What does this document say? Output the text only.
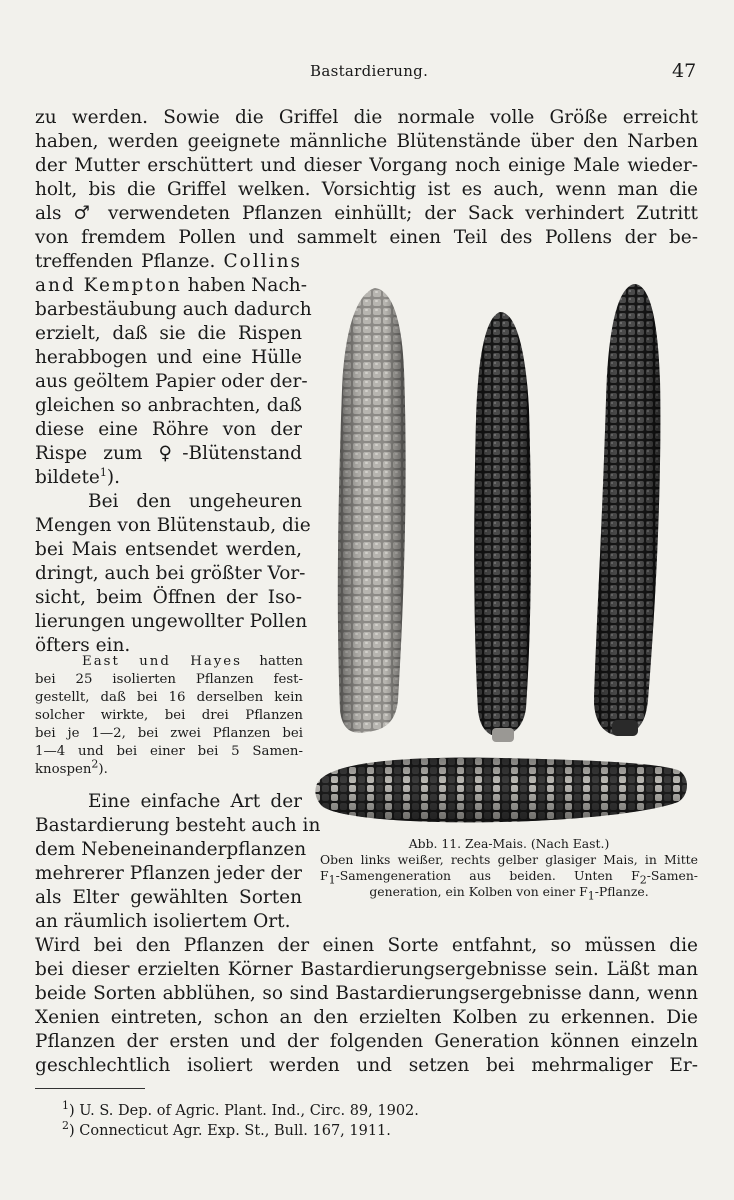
Bastardierung.	47
zu werden. Sowie die Griffel die normale volle Größe erreicht
haben, werden geeignete männliche Blütenstände über den Narben
der Mutter erschüttert und dieser Vorgang noch einige Male wieder-
holt, bis die Griffel welken. Vorsichtig ist es auch, wenn man die
als ♂ verwendeten Pflanzen einhüllt; der Sack verhindert Zutritt
von fremdem Pollen und sammelt einen Teil des Pollens der be-
treffenden Pflanze. Collins
and Kempton haben Nach-
barbestäubung auch dadurch
erzielt, daß sie die Rispen
herabbogen und eine Hülle
aus geöltem Papier oder der-
gleichen so anbrachten, daß
diese eine Röhre von der
Rispe zum ♀-Blütenstand
bildete$^1$).
Bei den ungeheuren
Mengen von Blütenstaub, die
bei Mais entsendet werden,
dringt, auch bei größter Vor-
sicht, beim Öffnen der Iso-
lierungen ungewollter Pollen
öfters ein.
East und Hayes hatten
bei 25 isolierten Pflanzen fest-
gestellt, daß bei 16 derselben kein
solcher wirkte, bei drei Pflanzen
bei je 1—2, bei zwei Pflanzen bei
1—4 und bei einer bei 5 Samen-
knospen$^2$).
Eine einfache Art der
Bastardierung besteht auch in
dem Nebeneinanderpflanzen
mehrerer Pflanzen jeder der
als Elter gewählten Sorten
an räumlich isoliertem Ort.
Abb. 11. Zea-Mais. (Nach East.)
Oben links weißer, rechts gelber glasiger Mais, in Mitte
$F_1$-Samengeneration aus beiden. Unten $F_2-Samen-$
generation, ein Kolben von einer $F_1$-Pflanze.
Wird bei den Pflanzen der einen Sorte entfahnt, so müssen die
bei dieser erzielten Körner Bastardierungsergebnisse sein. Läßt man
beide Sorten abblühen, so sind Bastardierungsergebnisse dann, wenn
Xenien eintreten, schon an den erzielten Kolben zu erkennen. Die
Pflanzen der ersten und der folgenden Generation können einzeln
geschlechtlich isoliert werden und setzen bei mehrmaliger Er-
$^1$) U. S. Dep. of Agric. Plant. Ind., Circ. 89, 1902.
$^2$) Connecticut Agr. Exp. St., Bull. 167, 1911.
